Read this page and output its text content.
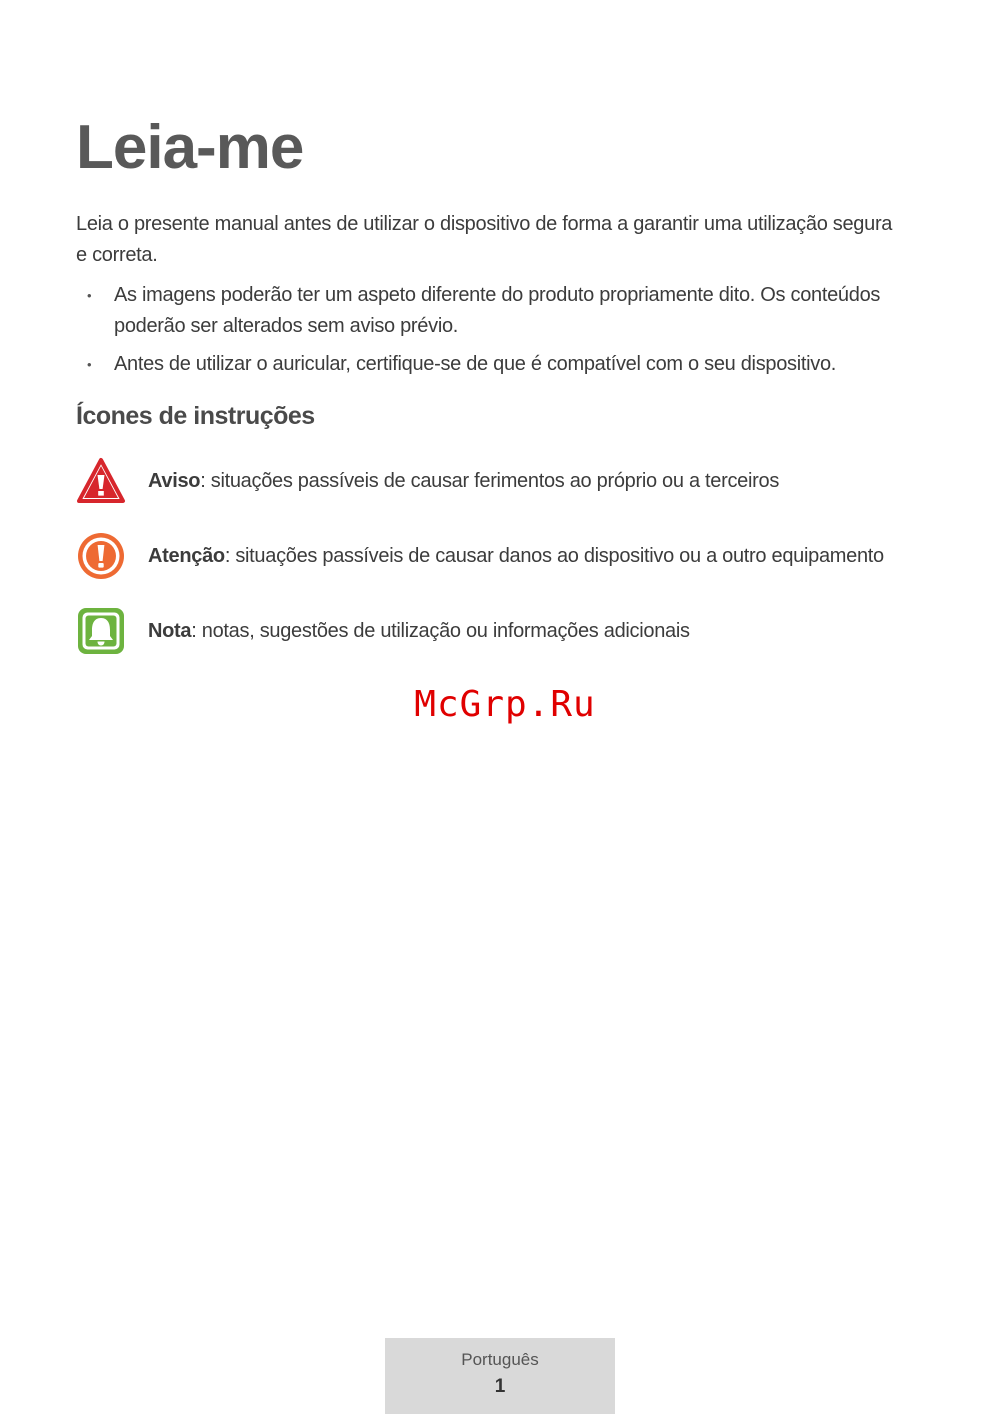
Leia-me

Leia o presente manual antes de utilizar o dispositivo de forma a garantir uma utilização segura e correta.

• As imagens poderão ter um aspeto diferente do produto propriamente dito. Os conteúdos poderão ser alterados sem aviso prévio.
• Antes de utilizar o auricular, certifique-se de que é compatível com o seu dispositivo.
Ícones de instruções
Aviso: situações passíveis de causar ferimentos ao próprio ou a terceiros
Atenção: situações passíveis de causar danos ao dispositivo ou a outro equipamento
Nota: notas, sugestões de utilização ou informações adicionais
McGrp.Ru
Português
1
